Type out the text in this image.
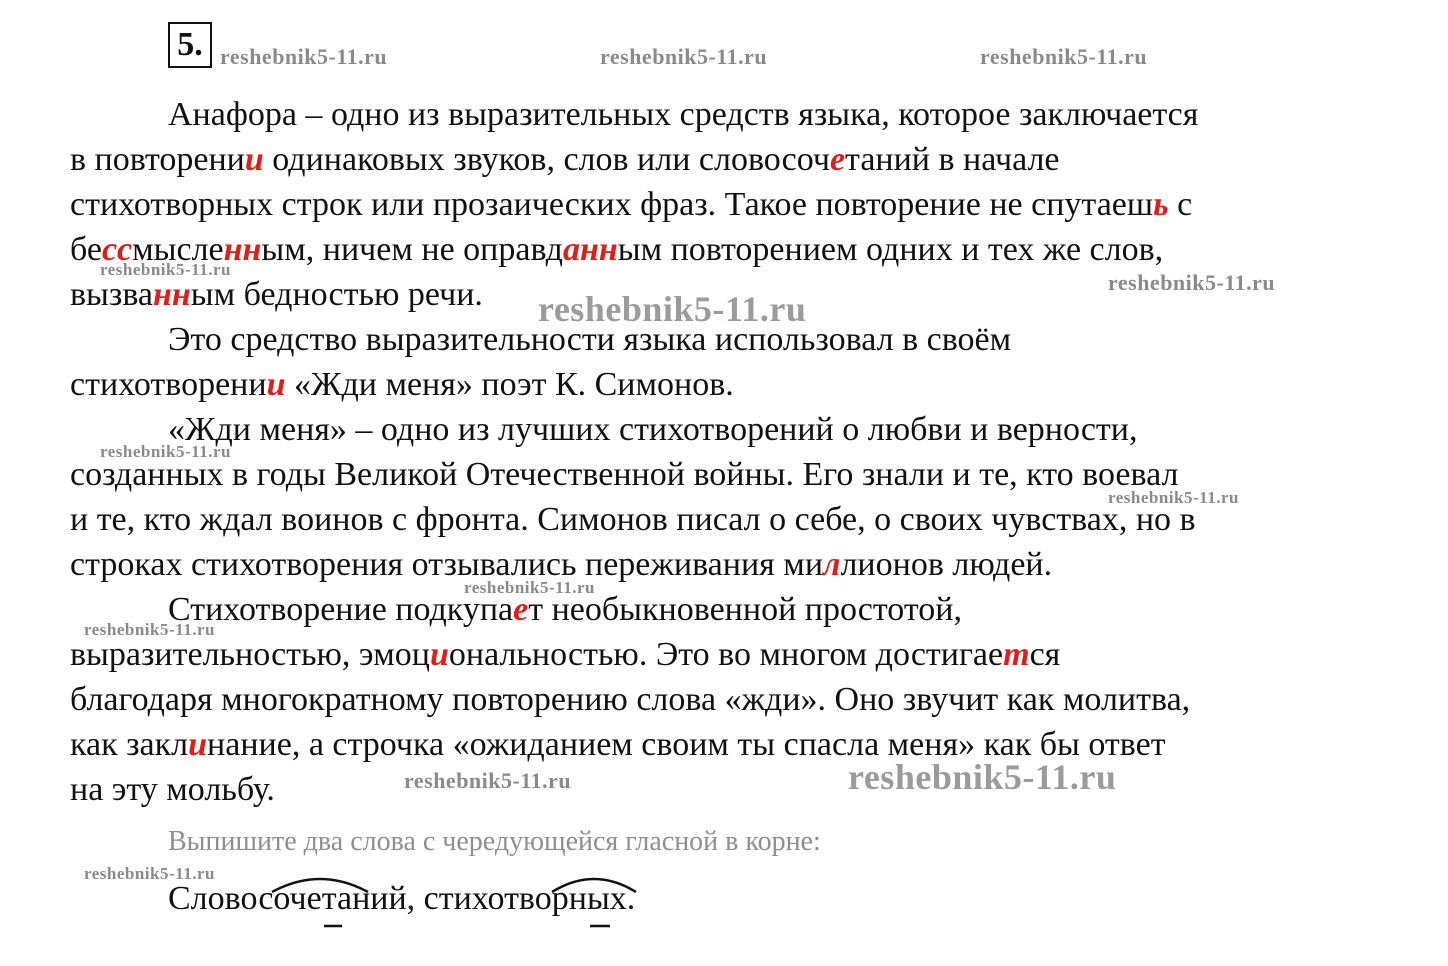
5. reshebnik5-11.ru	reshebnik5-11.ru	reshebnik5-11.ru
reshebnik5-11.ru
reshebnik5-11.ru
reshebnik5-11.ru
reshebnik5-11.ru
reshebnik5-11.ru
reshebnik5-11.ru
reshebnik5-11.ru
reshebnik5-11.ru	reshebnik5-11.ru
reshebnik5-11.ru
Анафора – одно из выразительных средств языка, которое заключается
в повторении одинаковых звуков, слов или словосочетаний в начале
стихотворных строк или прозаических фраз. Такое повторение не спутаешь с
бессмысленным, ничем не оправданным повторением одних и тех же слов,
вызванным бедностью речи.
Это средство выразительности языка использовал в своём
стихотворении «Жди меня» поэт К. Симонов.
«Жди меня» – одно из лучших стихотворений о любви и верности,
созданных в годы Великой Отечественной войны. Его знали и те, кто воевал
и те, кто ждал воинов с фронта. Симонов писал о себе, о своих чувствах, но в
строках стихотворения отзывались переживания миллионов людей.
Стихотворение подкупает необыкновенной простотой,
выразительностью, эмоциональностью. Это во многом достигается
благодаря многократному повторению слова «жди». Оно звучит как молитва,
как заклинание, а строчка «ожиданием своим ты спасла меня» как бы ответ
на эту мольбу.
Выпишите два слова с чередующейся гласной в корне:
Словосочетаний, стихотворных.
